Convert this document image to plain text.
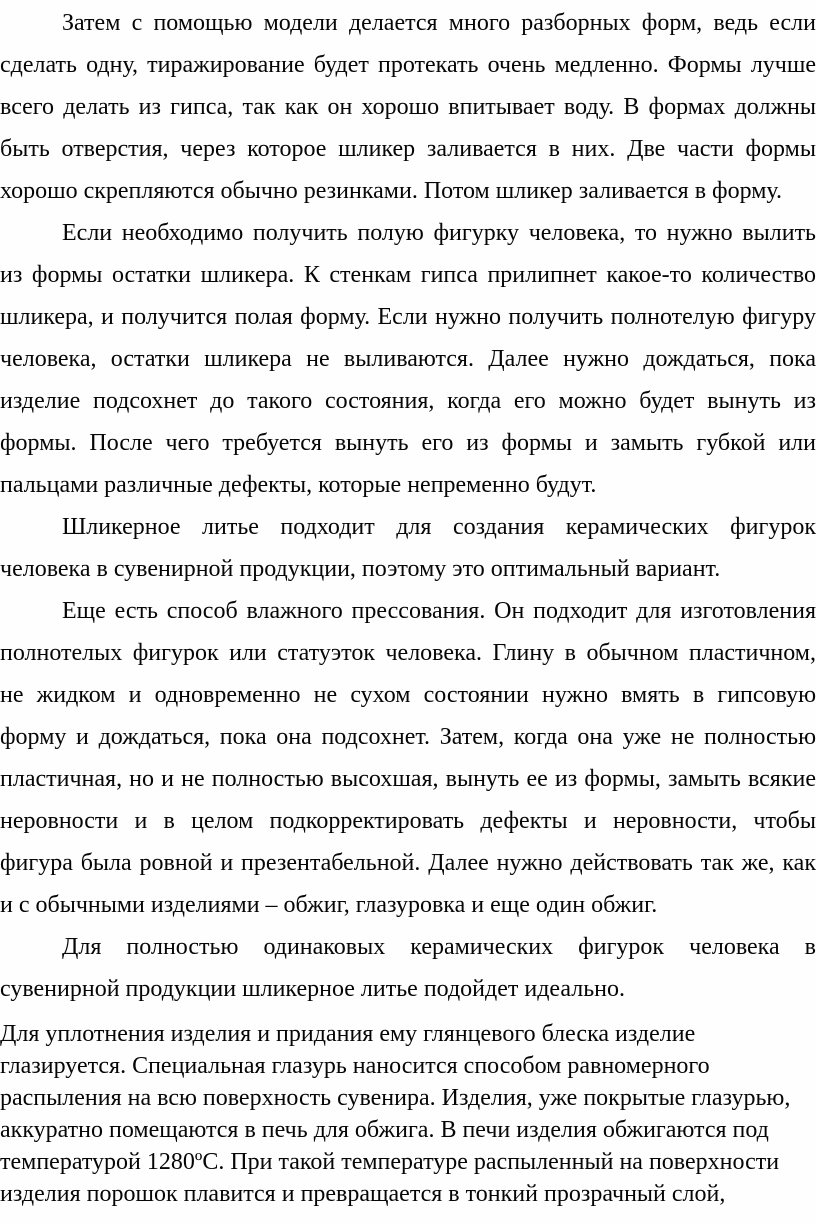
Затем с помощью модели делается много разборных форм, ведь если
сделать одну, тиражирование будет протекать очень медленно. Формы лучше
всего делать из гипса, так как он хорошо впитывает воду. В формах должны
быть отверстия, через которое шликер заливается в них. Две части формы
хорошо скрепляются обычно резинками. Потом шликер заливается в форму.
Если необходимо получить полую фигурку человека, то нужно вылить
из формы остатки шликера. К стенкам гипса прилипнет какое-то количество
шликера, и получится полая форму. Если нужно получить полнотелую фигуру
человека, остатки шликера не выливаются. Далее нужно дождаться, пока
изделие подсохнет до такого состояния, когда его можно будет вынуть из
формы. После чего требуется вынуть его из формы и замыть губкой или
пальцами различные дефекты, которые непременно будут.
Шликерное литье подходит для создания керамических фигурок
человека в сувенирной продукции, поэтому это оптимальный вариант.
Еще есть способ влажного прессования. Он подходит для изготовления
полнотелых фигурок или статуэток человека. Глину в обычном пластичном,
не жидком и одновременно не сухом состоянии нужно вмять в гипсовую
форму и дождаться, пока она подсохнет. Затем, когда она уже не полностью
пластичная, но и не полностью высохшая, вынуть ее из формы, замыть всякие
неровности и в целом подкорректировать дефекты и неровности, чтобы
фигура была ровной и презентабельной. Далее нужно действовать так же, как
и с обычными изделиями – обжиг, глазуровка и еще один обжиг.
Для полностью одинаковых керамических фигурок человека в
сувенирной продукции шликерное литье подойдет идеально.
Для уплотнения изделия и придания ему глянцевого блеска изделие
глазируется. Специальная глазурь наносится способом равномерного
распыления на всю поверхность сувенира. Изделия, уже покрытые глазурью,
аккуратно помещаются в печь для обжига. В печи изделия обжигаются под
температурой 1280ºС. При такой температуре распыленный на поверхности
изделия порошок плавится и превращается в тонкий прозрачный слой,
